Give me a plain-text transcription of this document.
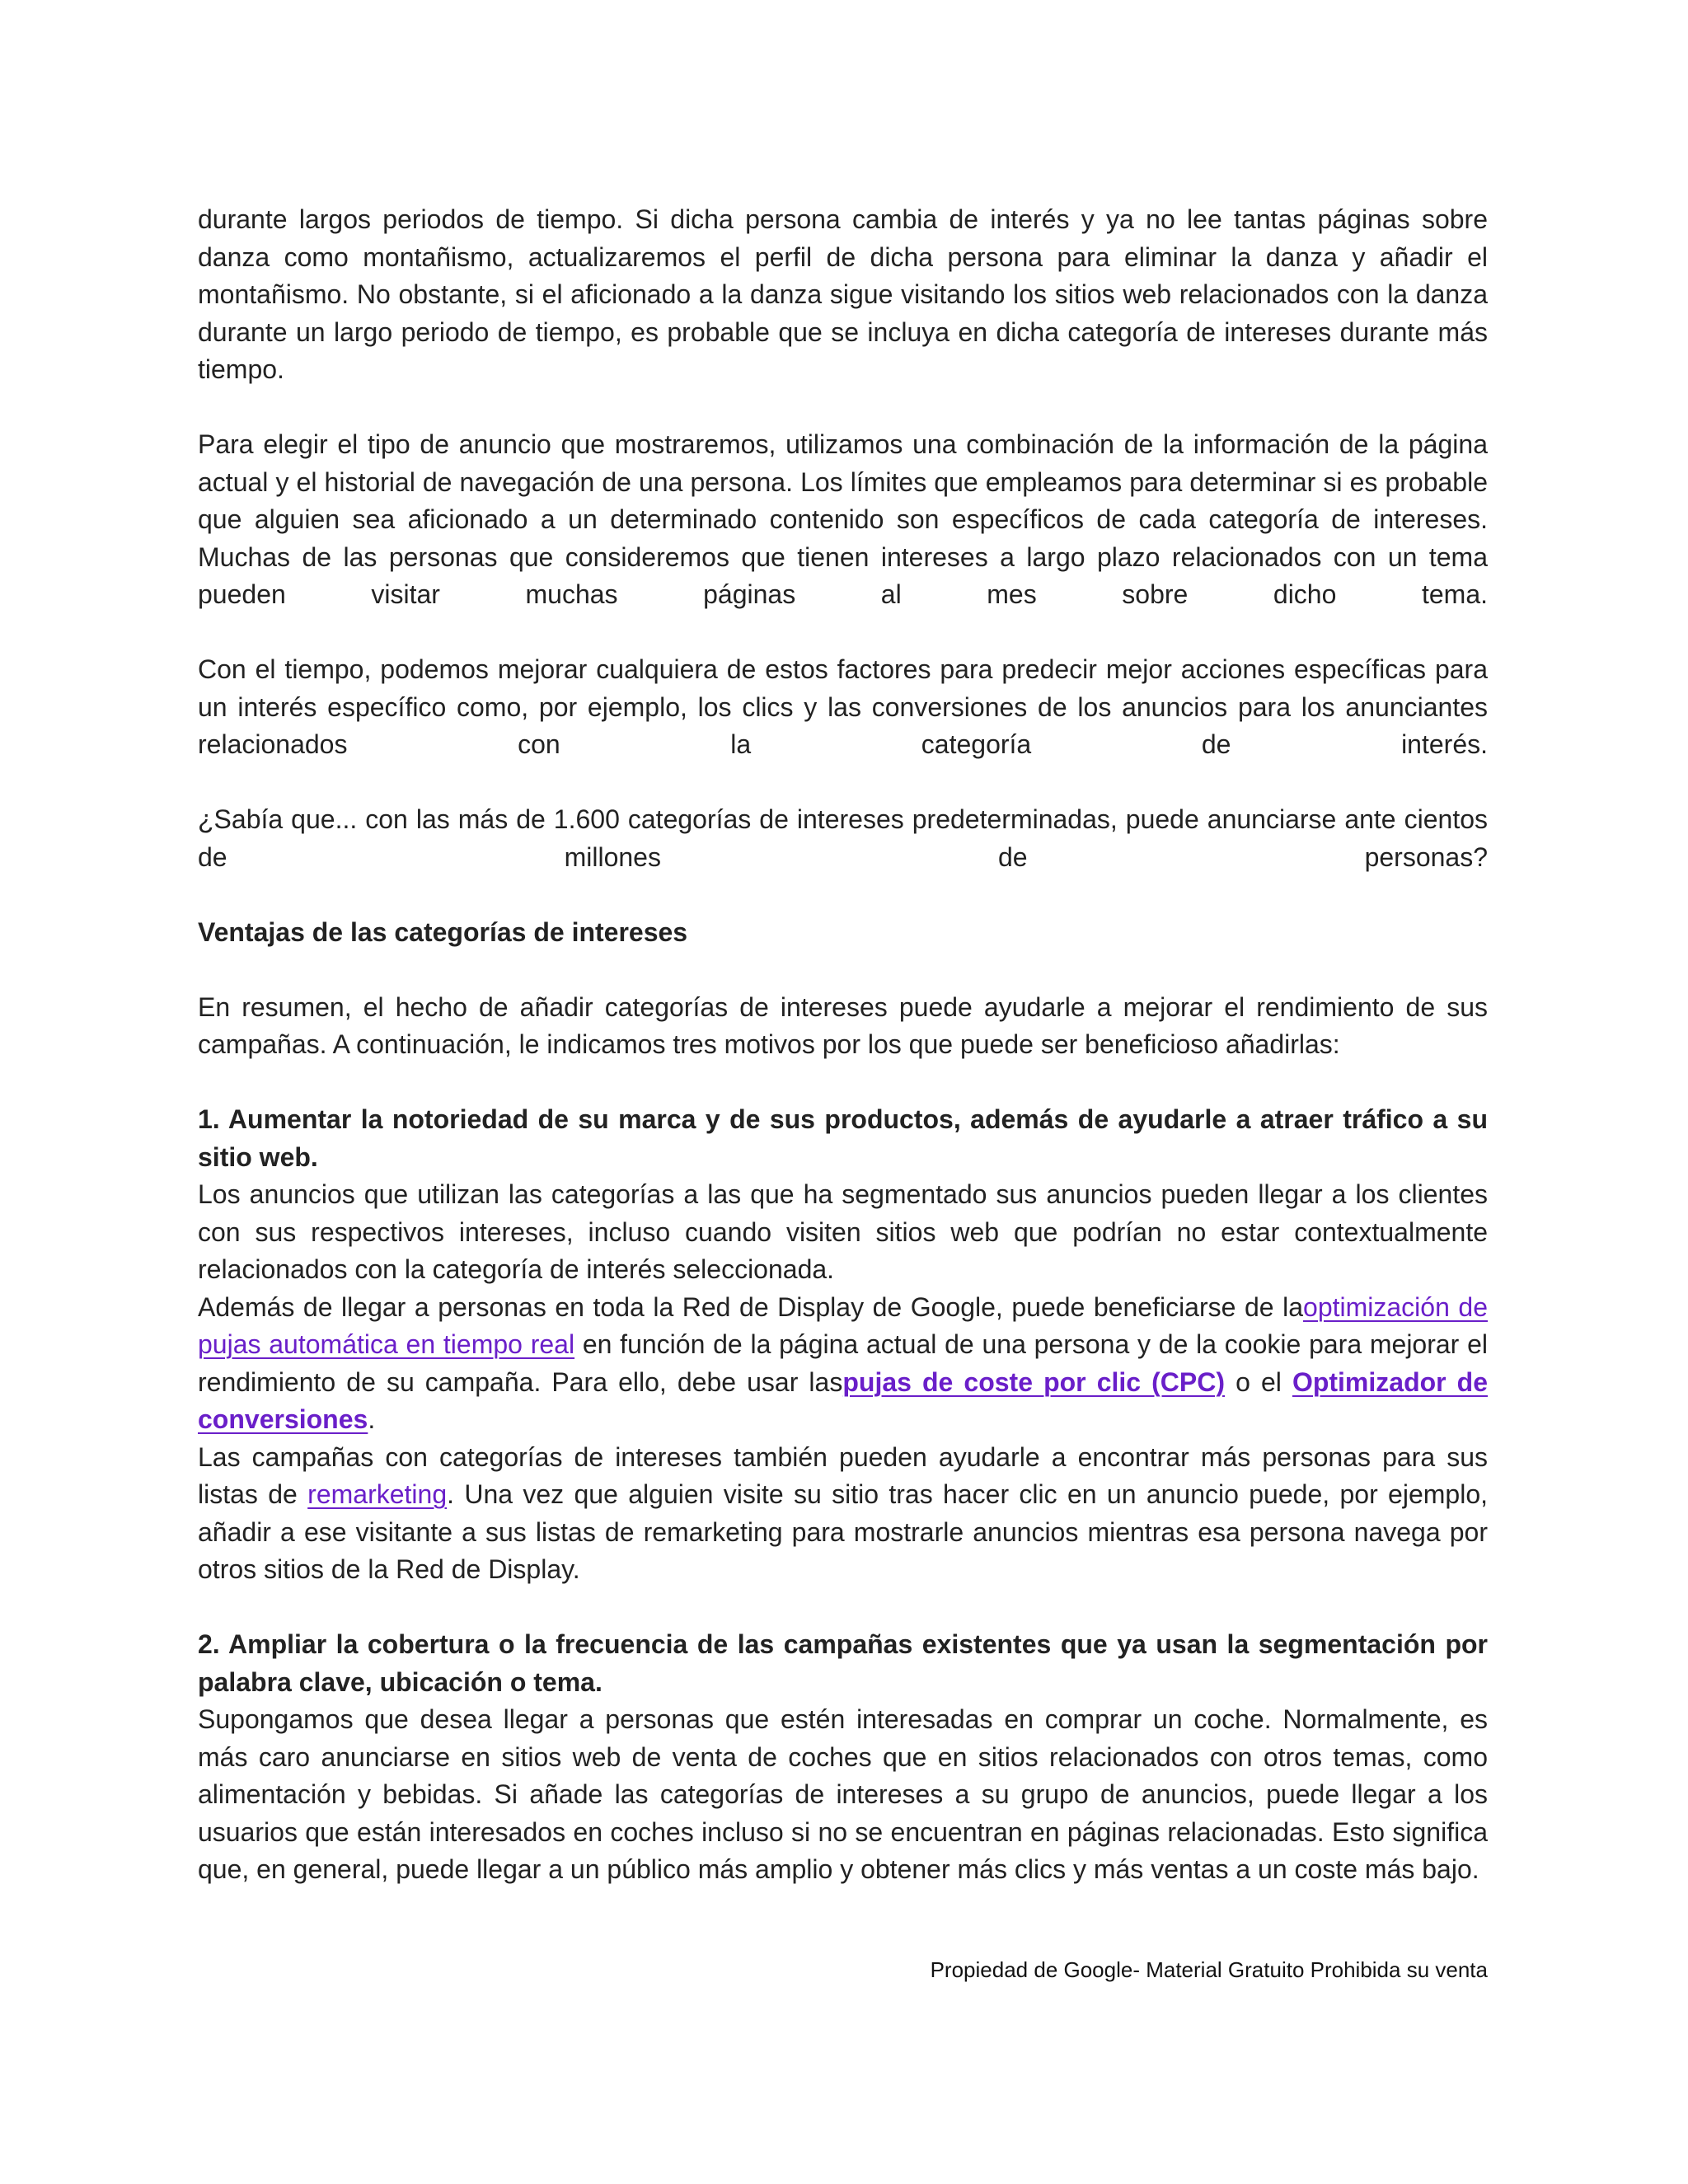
durante largos periodos de tiempo. Si dicha persona cambia de interés y ya no lee tantas páginas sobre danza como montañismo, actualizaremos el perfil de dicha persona para eliminar la danza y añadir el montañismo. No obstante, si el aficionado a la danza sigue visitando los sitios web relacionados con la danza durante un largo periodo de tiempo, es probable que se incluya en dicha categoría de intereses durante más tiempo.

Para elegir el tipo de anuncio que mostraremos, utilizamos una combinación de la información de la página actual y el historial de navegación de una persona. Los límites que empleamos para determinar si es probable que alguien sea aficionado a un determinado contenido son específicos de cada categoría de intereses. Muchas de las personas que consideremos que tienen intereses a largo plazo relacionados con un tema pueden visitar muchas páginas al mes sobre dicho tema.

Con el tiempo, podemos mejorar cualquiera de estos factores para predecir mejor acciones específicas para un interés específico como, por ejemplo, los clics y las conversiones de los anuncios para los anunciantes relacionados con la categoría de interés.

¿Sabía que... con las más de 1.600 categorías de intereses predeterminadas, puede anunciarse ante cientos de millones de personas?

Ventajas de las categorías de intereses

En resumen, el hecho de añadir categorías de intereses puede ayudarle a mejorar el rendimiento de sus campañas. A continuación, le indicamos tres motivos por los que puede ser beneficioso añadirlas:

1. Aumentar la notoriedad de su marca y de sus productos, además de ayudarle a atraer tráfico a su sitio web.

Los anuncios que utilizan las categorías a las que ha segmentado sus anuncios pueden llegar a los clientes con sus respectivos intereses, incluso cuando visiten sitios web que podrían no estar contextualmente relacionados con la categoría de interés seleccionada.

Además de llegar a personas en toda la Red de Display de Google, puede beneficiarse de laoptimización de pujas automática en tiempo real en función de la página actual de una persona y de la cookie para mejorar el rendimiento de su campaña. Para ello, debe usar laspujas de coste por clic (CPC) o el Optimizador de conversiones.

Las campañas con categorías de intereses también pueden ayudarle a encontrar más personas para sus listas de remarketing. Una vez que alguien visite su sitio tras hacer clic en un anuncio puede, por ejemplo, añadir a ese visitante a sus listas de remarketing para mostrarle anuncios mientras esa persona navega por otros sitios de la Red de Display.

2. Ampliar la cobertura o la frecuencia de las campañas existentes que ya usan la segmentación por palabra clave, ubicación o tema.

Supongamos que desea llegar a personas que estén interesadas en comprar un coche. Normalmente, es más caro anunciarse en sitios web de venta de coches que en sitios relacionados con otros temas, como alimentación y bebidas. Si añade las categorías de intereses a su grupo de anuncios, puede llegar a los usuarios que están interesados en coches incluso si no se encuentran en páginas relacionadas. Esto significa que, en general, puede llegar a un público más amplio y obtener más clics y más ventas a un coste más bajo.

Propiedad de Google- Material Gratuito Prohibida su venta
